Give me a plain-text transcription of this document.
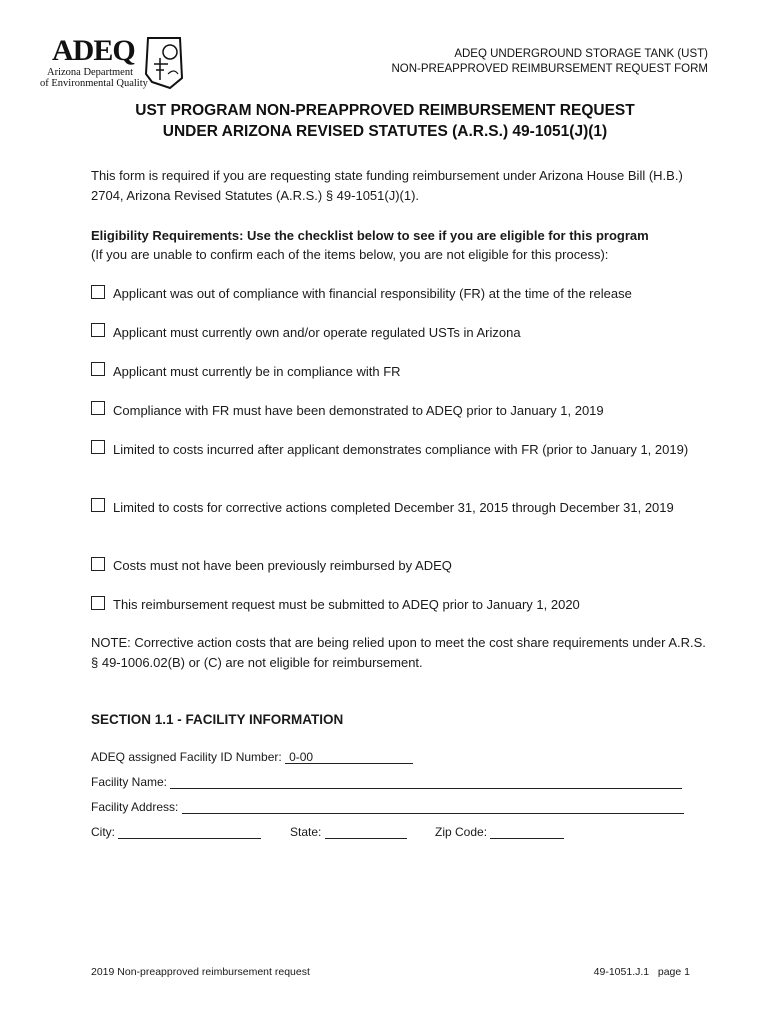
ADEQ
Arizona Department
of Environmental Quality
ADEQ UNDERGROUND STORAGE TANK (UST)
NON-PREAPPROVED REIMBURSEMENT REQUEST FORM
UST PROGRAM NON-PREAPPROVED REIMBURSEMENT REQUEST
UNDER ARIZONA REVISED STATUTES (A.R.S.) 49-1051(J)(1)
This form is required if you are requesting state funding reimbursement under Arizona House Bill (H.B.) 2704, Arizona Revised Statutes (A.R.S.) § 49-1051(J)(1).
Eligibility Requirements: Use the checklist below to see if you are eligible for this program
(If you are unable to confirm each of the items below, you are not eligible for this process):
Applicant was out of compliance with financial responsibility (FR) at the time of the release
Applicant must currently own and/or operate regulated USTs in Arizona
Applicant must currently be in compliance with FR
Compliance with FR must have been demonstrated to ADEQ prior to January 1, 2019
Limited to costs incurred after applicant demonstrates compliance with FR (prior to January 1, 2019)
Limited to costs for corrective actions completed December 31, 2015 through December 31, 2019
Costs must not have been previously reimbursed by ADEQ
This reimbursement request must be submitted to ADEQ prior to January 1, 2020
NOTE: Corrective action costs that are being relied upon to meet the cost share requirements under A.R.S. § 49-1006.02(B) or (C) are not eligible for reimbursement.
SECTION 1.1 - FACILITY INFORMATION
ADEQ assigned Facility ID Number: 0-00
Facility Name:
Facility Address:
City:	State:	Zip Code:
2019 Non-preapproved reimbursement request	49-1051.J.1   page 1
